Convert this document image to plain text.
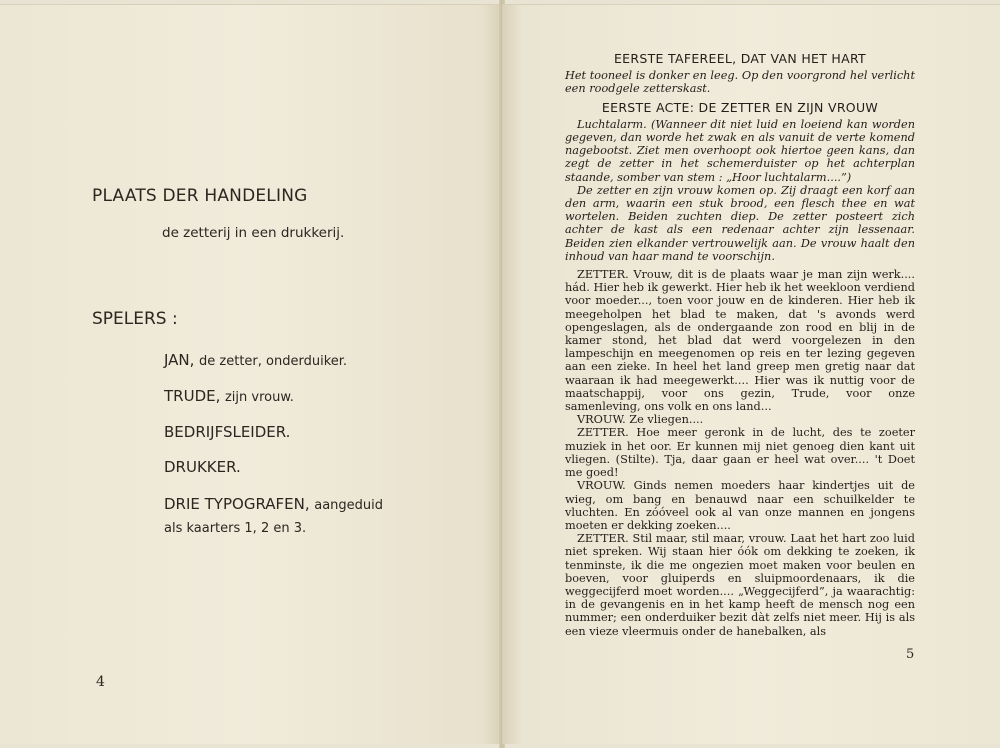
PLAATS DER HANDELING
de zetterij in een drukkerij.
SPELERS :
JAN, de zetter, onderduiker.
TRUDE, zijn vrouw.
BEDRIJFSLEIDER.
DRUKKER.
DRIE TYPOGRAFEN, aangeduid
als kaarters 1, 2 en 3.
4
EERSTE TAFEREEL, DAT VAN HET HART

Het tooneel is donker en leeg. Op den voorgrond hel verlicht een roodgele zetterskast.

EERSTE ACTE: DE ZETTER EN ZIJN VROUW

Luchtalarm. (Wanneer dit niet luid en loeiend kan worden gegeven, dan worde het zwak en als vanuit de verte komend nagebootst. Ziet men overhoopt ook hiertoe geen kans, dan zegt de zetter in het schemerduister op het achterplan staande, somber van stem : „Hoor luchtalarm....”)

De zetter en zijn vrouw komen op. Zij draagt een korf aan den arm, waarin een stuk brood, een flesch thee en wat wortelen. Beiden zuchten diep. De zetter posteert zich achter de kast als een redenaar achter zijn lessenaar. Beiden zien elkander vertrouwelijk aan. De vrouw haalt den inhoud van haar mand te voorschijn.

ZETTER. Vrouw, dit is de plaats waar je man zijn werk.... hád. Hier heb ik gewerkt. Hier heb ik het weekloon verdiend voor moeder..., toen voor jouw en de kinderen. Hier heb ik meegeholpen het blad te maken, dat 's avonds werd opengeslagen, als de ondergaande zon rood en blij in de kamer stond, het blad dat werd voorgelezen in den lampeschijn en meegenomen op reis en ter lezing gegeven aan een zieke. In heel het land greep men gretig naar dat waaraan ik had meegewerkt.... Hier was ik nuttig voor de maatschappij, voor ons gezin, Trude, voor onze samenleving, ons volk en ons land...

VROUW. Ze vliegen....

ZETTER. Hoe meer geronk in de lucht, des te zoeter muziek in het oor. Er kunnen mij niet genoeg dien kant uit vliegen. (Stilte). Tja, daar gaan er heel wat over.... 't Doet me goed!

VROUW. Ginds nemen moeders haar kindertjes uit de wieg, om bang en benauwd naar een schuilkelder te vluchten. En zóóveel ook al van onze mannen en jongens moeten er dekking zoeken....

ZETTER. Stil maar, stil maar, vrouw. Laat het hart zoo luid niet spreken. Wij staan hier óók om dekking te zoeken, ik tenminste, ik die me ongezien moet maken voor beulen en boeven, voor gluiperds en sluipmoordenaars, ik die weggecijferd moet worden.... „Weggecijferd”, ja waarachtig: in de gevangenis en in het kamp heeft de mensch nog een nummer; een onderduiker bezit dàt zelfs niet meer. Hij is als een vieze vleermuis onder de hanebalken, als

5
